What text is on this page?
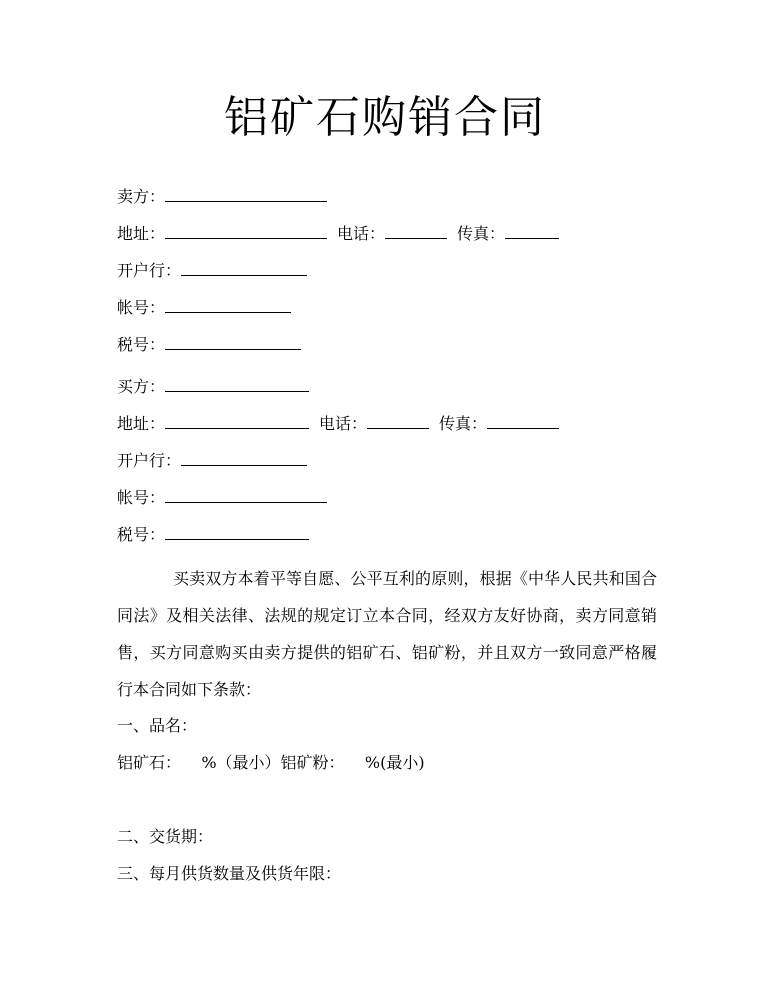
铝矿石购销合同
卖方：
地址：	电话：	传真：
开户行：
帐号：
税号：
买方：
地址：	电话：	传真：
开户行：
帐号：
税号：
买卖双方本着平等自愿、公平互利的原则，根据《中华人民共和国合同法》及相关法律、法规的规定订立本合同，经双方友好协商，卖方同意销售，买方同意购买由卖方提供的铝矿石、铝矿粉，并且双方一致同意严格履行本合同如下条款：
一、品名：
铝矿石：    %（最小）铝矿粉：    %(最小)
二、交货期：
三、每月供货数量及供货年限：
